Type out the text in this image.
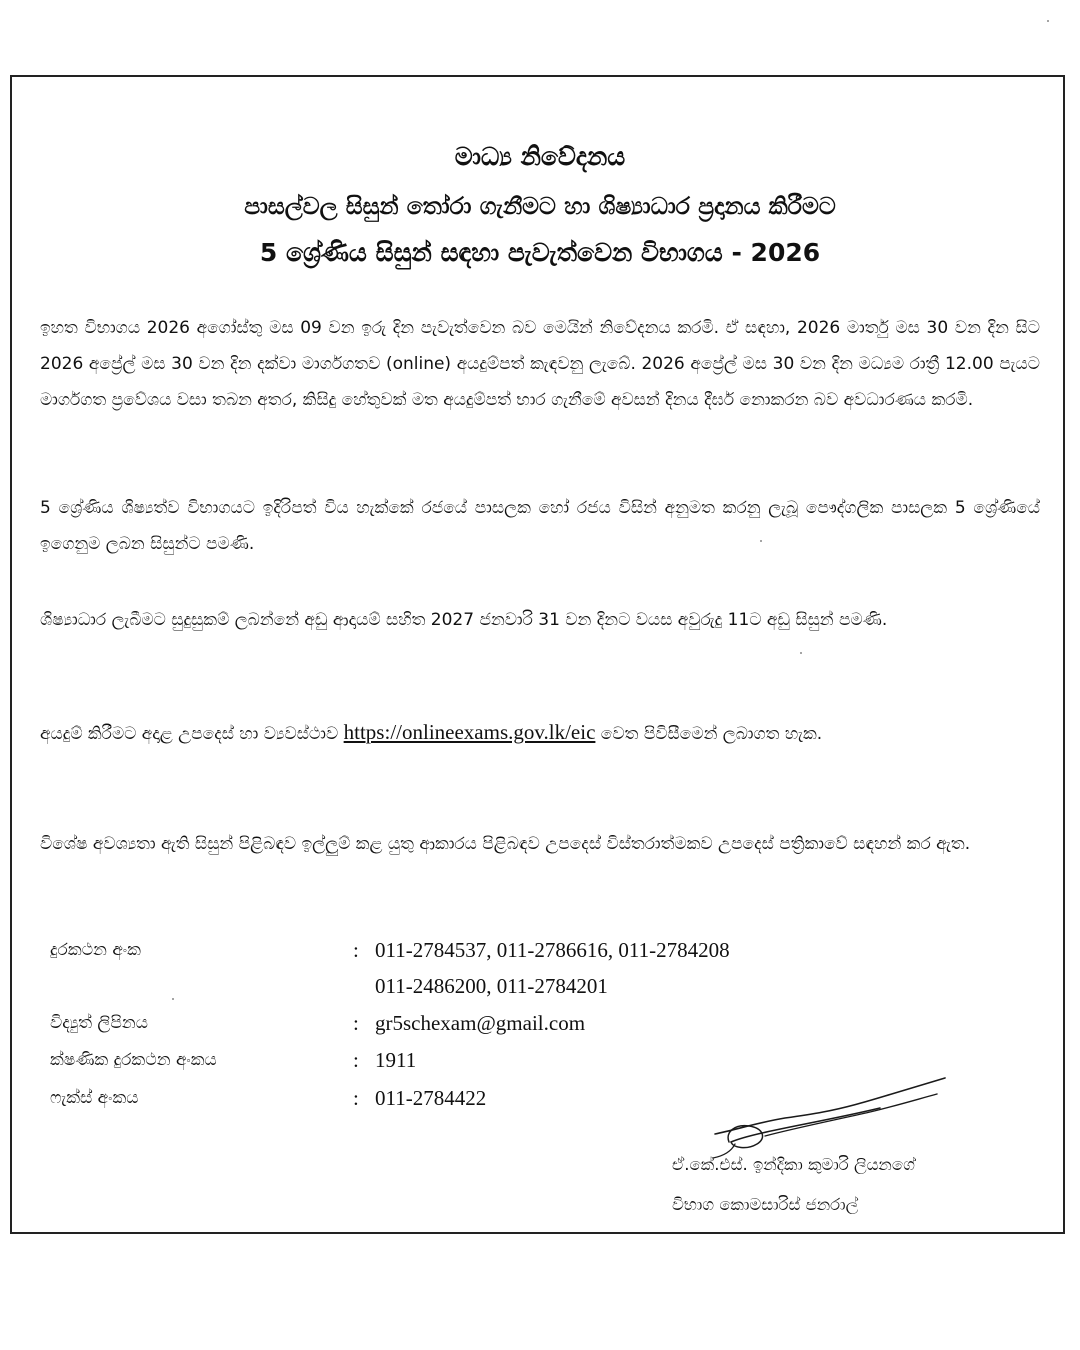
මාධ්‍ය නිවේදනය
පාසල්වල සිසුන් තෝරා ගැනීමට හා ශිෂ්‍යාධාර ප්‍රදානය කිරීමට
5 ශ්‍රේණිය සිසුන් සඳහා පැවැත්වෙන විභාගය - 2026
ඉහත විභාගය 2026 අගෝස්තු මස 09 වන ඉරු දින පැවැත්වෙන බව මෙයින් නිවේදනය කරමි. ඒ සඳහා, 2026 මාර්තු මස 30 වන දින සිට 2026 අප්‍රේල් මස 30 වන දින දක්වා මාර්ගගතව (online) අයදුම්පත් කැඳවනු ලැබේ. 2026 අප්‍රේල් මස 30 වන දින මධ්‍යම රාත්‍රී 12.00 පැයට මාර්ගගත ප්‍රවේශය වසා තබන අතර, කිසිදු හේතුවක් මත අයදුම්පත් භාර ගැනීමේ අවසන් දිනය දීර්ඝ නොකරන බව අවධාරණය කරමි.
5 ශ්‍රේණිය ශිෂ්‍යත්ව විභාගයට ඉදිරිපත් විය හැක්කේ රජයේ පාසලක හෝ රජය විසින් අනුමත කරනු ලැබූ පෞද්ගලික පාසලක 5 ශ්‍රේණියේ ඉගෙනුම ලබන සිසුන්ට පමණි.
ශිෂ්‍යාධාර ලැබීමට සුදුසුකම් ලබන්නේ අඩු ආදායම් සහිත 2027 ජනවාරි 31 වන දිනට වයස අවුරුදු 11ට අඩු සිසුන් පමණි.
අයදුම් කිරීමට අදාළ උපදෙස් හා ව්‍යවස්ථාව https://onlineexams.gov.lk/eic වෙත පිවිසීමෙන් ලබාගත හැක.
විශේෂ අවශ්‍යතා ඇති සිසුන් පිළිබඳව ඉල්ලුම් කළ යුතු ආකාරය පිළිබඳව උපදෙස් විස්තරාත්මකව උපදෙස් පත්‍රිකාවේ සඳහන් කර ඇත.
දුරකථන අංක	: 011-2784537, 011-2786616, 011-2784208
011-2486200, 011-2784201
විද්‍යුත් ලිපිනය	: gr5schexam@gmail.com
ක්ෂණික දුරකථන අංකය	: 1911
ෆැක්ස් අංකය	: 011-2784422
ඒ.කේ.එස්. ඉන්දිකා කුමාරි ලියනගේ
විභාග කොමසාරිස් ජනරාල්
